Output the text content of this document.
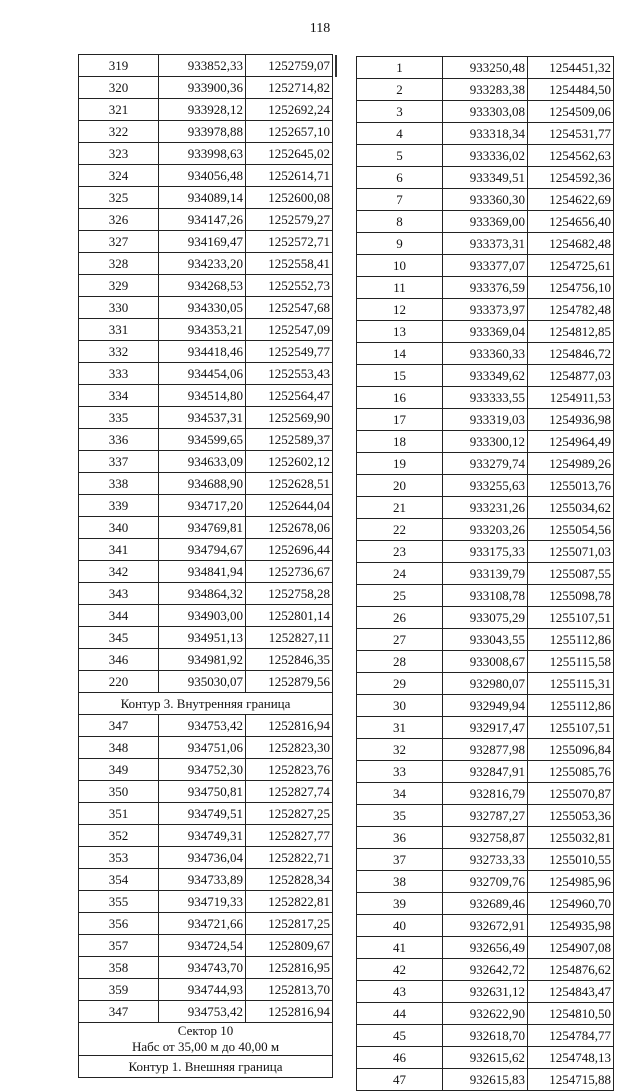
118
319	933852,33	1252759,07
320	933900,36	1252714,82
321	933928,12	1252692,24
322	933978,88	1252657,10
323	933998,63	1252645,02
324	934056,48	1252614,71
325	934089,14	1252600,08
326	934147,26	1252579,27
327	934169,47	1252572,71
328	934233,20	1252558,41
329	934268,53	1252552,73
330	934330,05	1252547,68
331	934353,21	1252547,09
332	934418,46	1252549,77
333	934454,06	1252553,43
334	934514,80	1252564,47
335	934537,31	1252569,90
336	934599,65	1252589,37
337	934633,09	1252602,12
338	934688,90	1252628,51
339	934717,20	1252644,04
340	934769,81	1252678,06
341	934794,67	1252696,44
342	934841,94	1252736,67
343	934864,32	1252758,28
344	934903,00	1252801,14
345	934951,13	1252827,11
346	934981,92	1252846,35
220	935030,07	1252879,56
Контур 3. Внутренняя граница		
347	934753,42	1252816,94
348	934751,06	1252823,30
349	934752,30	1252823,76
350	934750,81	1252827,74
351	934749,51	1252827,25
352	934749,31	1252827,77
353	934736,04	1252822,71
354	934733,89	1252828,34
355	934719,33	1252822,81
356	934721,66	1252817,25
357	934724,54	1252809,67
358	934743,70	1252816,95
359	934744,93	1252813,70
347	934753,42	1252816,94

Сектор 10
Набс от 35,00 м до 40,00 м		

Контур 1. Внешняя граница		
1	933250,48	1254451,32
2	933283,38	1254484,50
3	933303,08	1254509,06
4	933318,34	1254531,77
5	933336,02	1254562,63
6	933349,51	1254592,36
7	933360,30	1254622,69
8	933369,00	1254656,40
9	933373,31	1254682,48
10	933377,07	1254725,61
11	933376,59	1254756,10
12	933373,97	1254782,48
13	933369,04	1254812,85
14	933360,33	1254846,72
15	933349,62	1254877,03
16	933333,55	1254911,53
17	933319,03	1254936,98
18	933300,12	1254964,49
19	933279,74	1254989,26
20	933255,63	1255013,76
21	933231,26	1255034,62
22	933203,26	1255054,56
23	933175,33	1255071,03
24	933139,79	1255087,55
25	933108,78	1255098,78
26	933075,29	1255107,51
27	933043,55	1255112,86
28	933008,67	1255115,58
29	932980,07	1255115,31
30	932949,94	1255112,86
31	932917,47	1255107,51
32	932877,98	1255096,84
33	932847,91	1255085,76
34	932816,79	1255070,87
35	932787,27	1255053,36
36	932758,87	1255032,81
37	932733,33	1255010,55
38	932709,76	1254985,96
39	932689,46	1254960,70
40	932672,91	1254935,98
41	932656,49	1254907,08
42	932642,72	1254876,62
43	932631,12	1254843,47
44	932622,90	1254810,50
45	932618,70	1254784,77
46	932615,62	1254748,13
47	932615,83	1254715,88
